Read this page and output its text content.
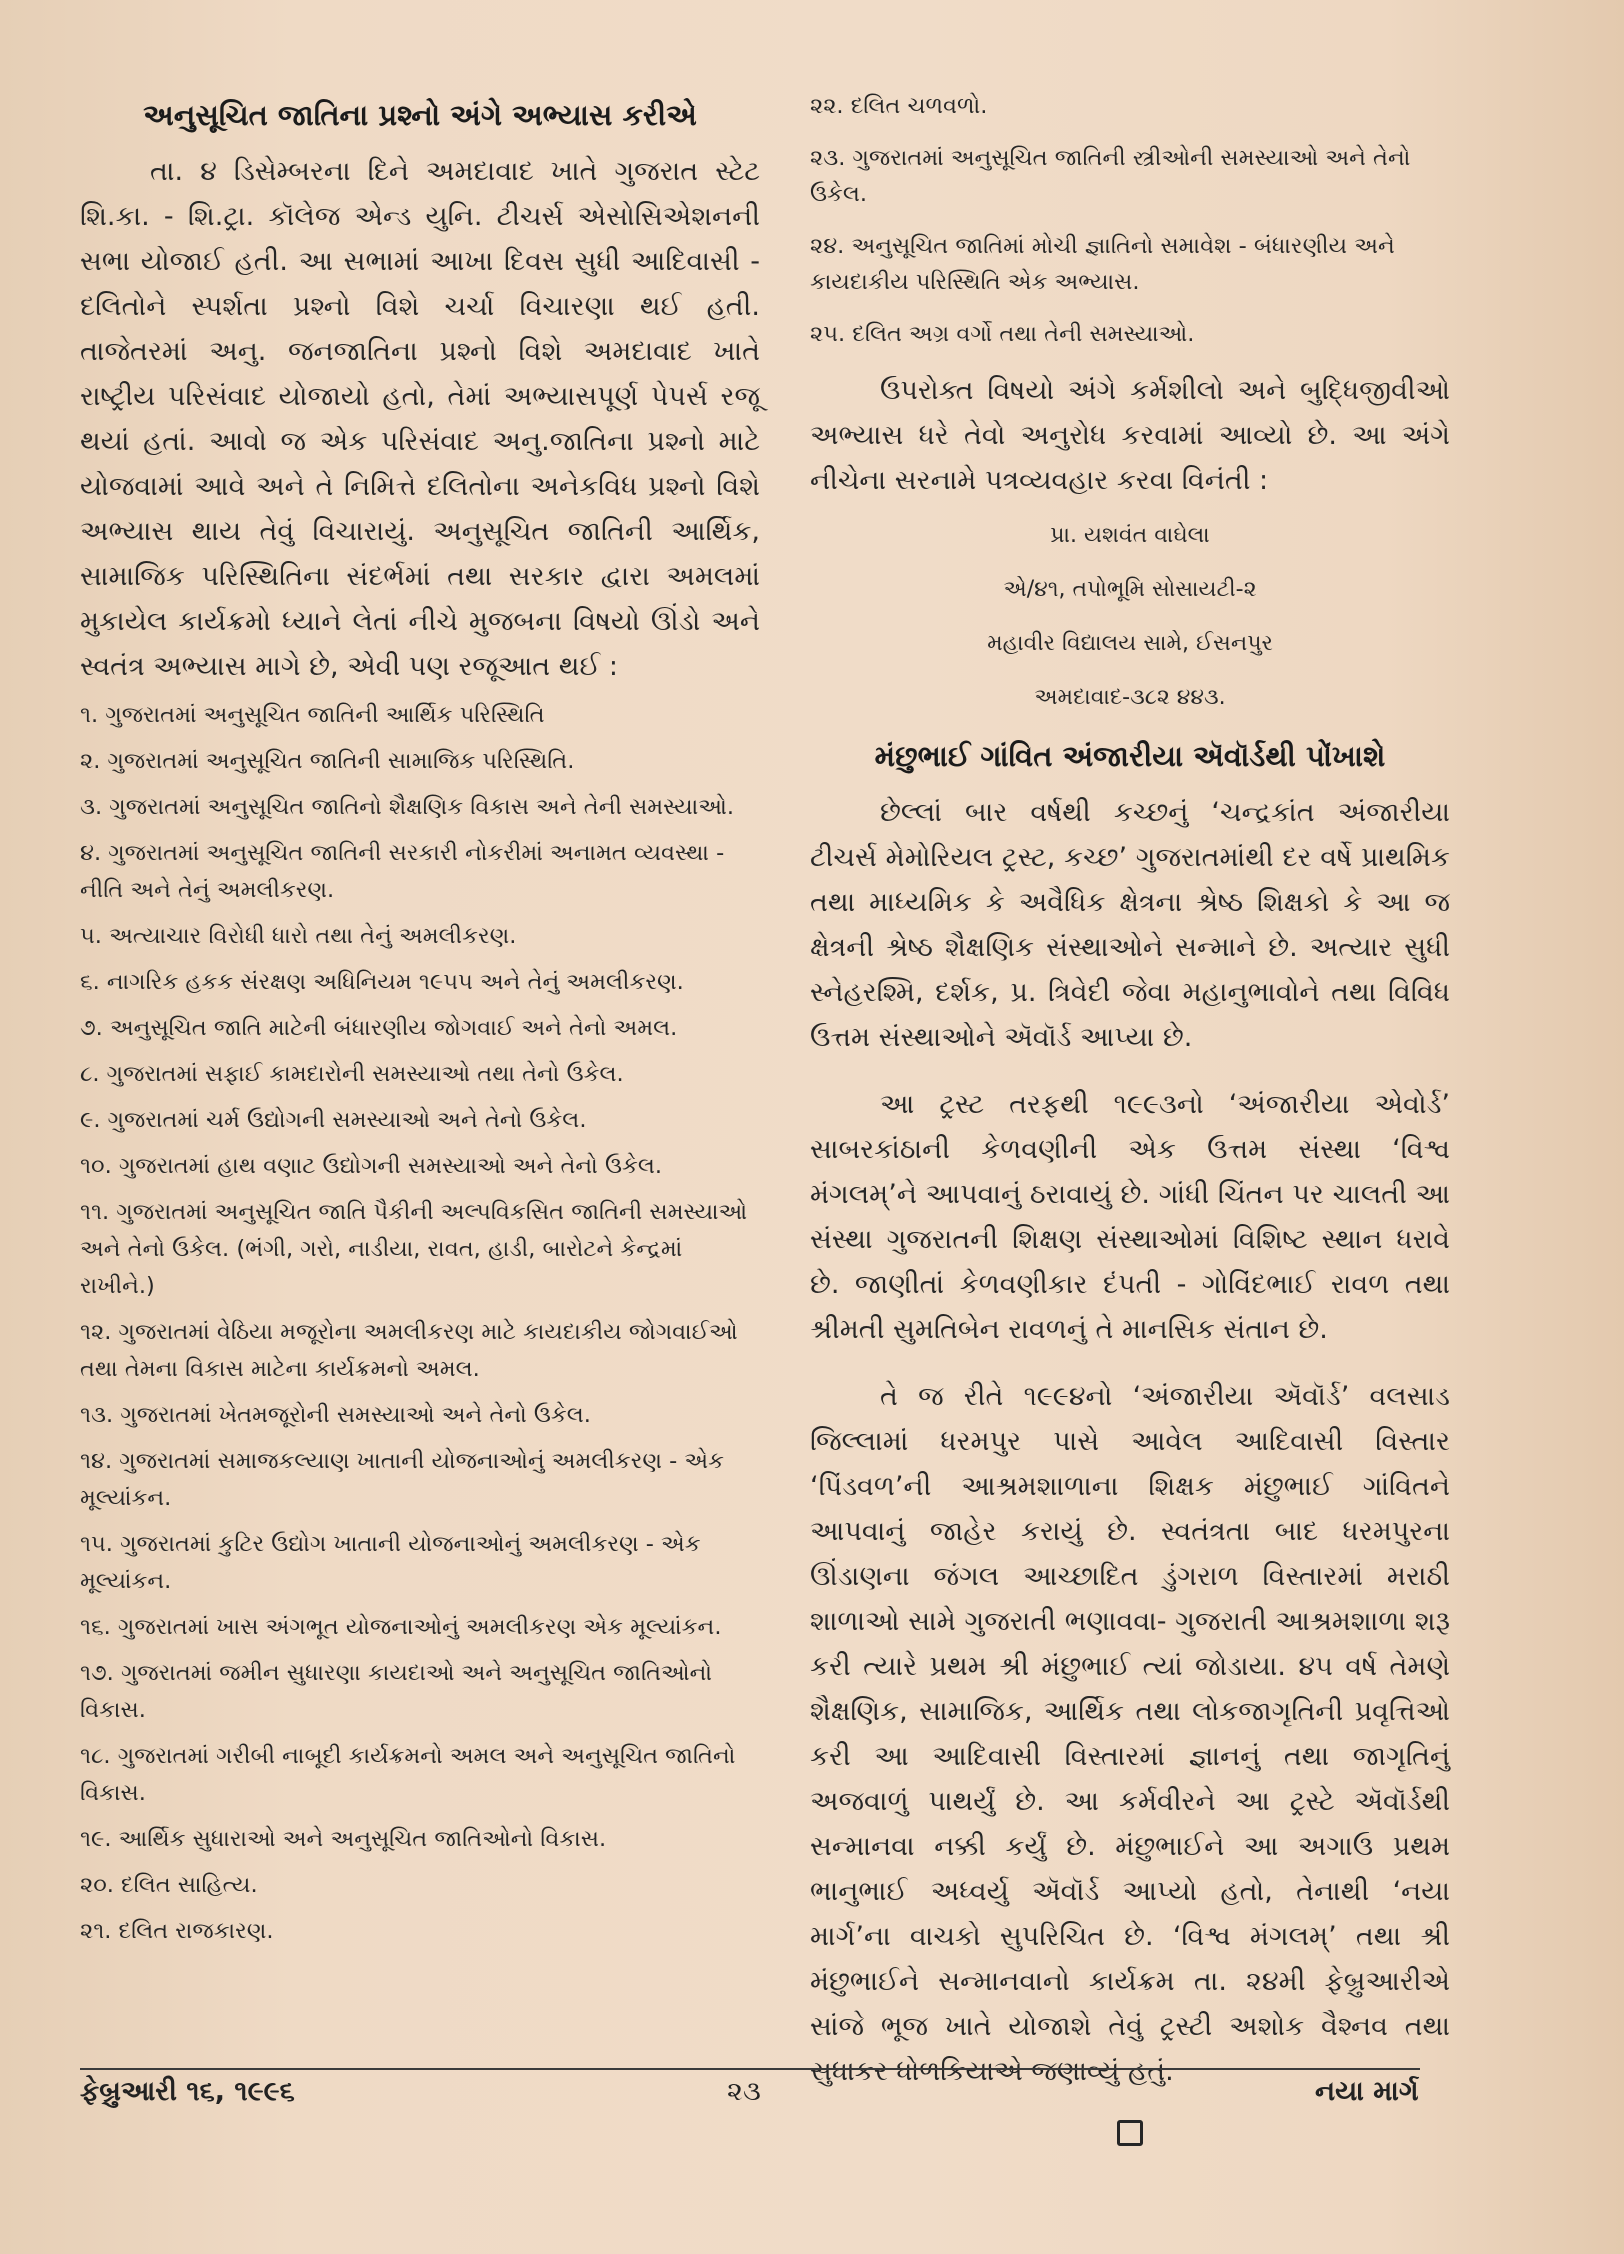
અનુસૂચિત જાતિના પ્રશ્નો અંગે અભ્યાસ કરીએ

તા. ૪ ડિસેમ્બરના દિને અમદાવાદ ખાતે ગુજરાત સ્ટેટ શિ.કા. - શિ.ટ્રા. કૉલેજ એન્ડ યુનિ. ટીચર્સ એસોસિએશનની સભા યોજાઈ હતી. આ સભામાં આખા દિવસ સુધી આદિવાસી - દલિતોને સ્પર્શતા પ્રશ્નો વિશે ચર્ચા વિચારણા થઈ હતી. તાજેતરમાં અનુ. જનજાતિના પ્રશ્નો વિશે અમદાવાદ ખાતે રાષ્ટ્રીય પરિસંવાદ યોજાયો હતો, તેમાં અભ્યાસપૂર્ણ પેપર્સ રજૂ થયાં હતાં. આવો જ એક પરિસંવાદ અનુ.જાતિના પ્રશ્નો માટે યોજવામાં આવે અને તે નિમિત્તે દલિતોના અનેકવિધ પ્રશ્નો વિશે અભ્યાસ થાય તેવું વિચારાયું. અનુસૂચિત જાતિની આર્થિક, સામાજિક પરિસ્થિતિના સંદર્ભમાં તથા સરકાર દ્વારા અમલમાં મુકાયેલ કાર્યક્રમો ધ્યાને લેતાં નીચે મુજબના વિષયો ઊંડો અને સ્વતંત્ર અભ્યાસ માગે છે, એવી પણ રજૂઆત થઈ :

૧. ગુજરાતમાં અનુસૂચિત જાતિની આર્થિક પરિસ્થિતિ
૨. ગુજરાતમાં અનુસૂચિત જાતિની સામાજિક પરિસ્થિતિ.
૩. ગુજરાતમાં અનુસૂચિત જાતિનો શૈક્ષણિક વિકાસ અને તેની સમસ્યાઓ.
૪. ગુજરાતમાં અનુસૂચિત જાતિની સરકારી નોકરીમાં અનામત વ્યવસ્થા - નીતિ અને તેનું અમલીકરણ.
૫. અત્યાચાર વિરોધી ધારો તથા તેનું અમલીકરણ.
૬. નાગરિક હકક સંરક્ષણ અધિનિયમ ૧૯૫૫ અને તેનું અમલીકરણ.
૭. અનુસૂચિત જાતિ માટેની બંધારણીય જોગવાઈ અને તેનો અમલ.
૮. ગુજરાતમાં સફાઈ કામદારોની સમસ્યાઓ તથા તેનો ઉકેલ.
૯. ગુજરાતમાં ચર્મ ઉદ્યોગની સમસ્યાઓ અને તેનો ઉકેલ.
૧૦. ગુજરાતમાં હાથ વણાટ ઉદ્યોગની સમસ્યાઓ અને તેનો ઉકેલ.
૧૧. ગુજરાતમાં અનુસૂચિત જાતિ પૈકીની અલ્પવિકસિત જાતિની સમસ્યાઓ અને તેનો ઉકેલ. (ભંગી, ગરો, નાડીયા, રાવત, હાડી, બારોટને કેન્દ્રમાં રાખીને.)
૧૨. ગુજરાતમાં વેઠિયા મજૂરોના અમલીકરણ માટે કાયદાકીય જોગવાઈઓ તથા તેમના વિકાસ માટેના કાર્યક્રમનો અમલ.
૧૩. ગુજરાતમાં ખેતમજૂરોની સમસ્યાઓ અને તેનો ઉકેલ.
૧૪. ગુજરાતમાં સમાજકલ્યાણ ખાતાની યોજનાઓનું અમલીકરણ - એક મૂલ્યાંકન.
૧૫. ગુજરાતમાં કુટિર ઉદ્યોગ ખાતાની યોજનાઓનું અમલીકરણ - એક મૂલ્યાંકન.
૧૬. ગુજરાતમાં ખાસ અંગભૂત યોજનાઓનું અમલીકરણ એક મૂલ્યાંકન.
૧૭. ગુજરાતમાં જમીન સુધારણા કાયદાઓ અને અનુસૂચિત જાતિઓનો વિકાસ.
૧૮. ગુજરાતમાં ગરીબી નાબૂદી કાર્યક્રમનો અમલ અને અનુસૂચિત જાતિનો વિકાસ.
૧૯. આર્થિક સુધારાઓ અને અનુસૂચિત જાતિઓનો વિકાસ.
૨૦. દલિત સાહિત્ય.
૨૧. દલિત રાજકારણ.
૨૨. દલિત ચળવળો.
૨૩. ગુજરાતમાં અનુસૂચિત જાતિની સ્ત્રીઓની સમસ્યાઓ અને તેનો ઉકેલ.
૨૪. અનુસૂચિત જાતિમાં મોચી જ્ઞાતિનો સમાવેશ - બંધારણીય અને કાયદાકીય પરિસ્થિતિ એક અભ્યાસ.
૨૫. દલિત અગ્ર વર્ગો તથા તેની સમસ્યાઓ.

ઉપરોક્ત વિષયો અંગે કર્મશીલો અને બુદ્ધિજીવીઓ અભ્યાસ ધરે તેવો અનુરોધ કરવામાં આવ્યો છે. આ અંગે નીચેના સરનામે પત્રવ્યવહાર કરવા વિનંતી :

પ્રા. યશવંત વાઘેલા
એ/૪૧, તપોભૂમિ સોસાયટી-૨
મહાવીર વિદ્યાલય સામે, ઈસનપુર
અમદાવાદ-૩૮૨ ૪૪૩.
મંછુભાઈ ગાંવિત અંજારીયા ઍવૉર્ડથી પોંખાશે

છેલ્લાં બાર વર્ષથી કચ્છનું ‘ચન્દ્રકાંત અંજારીયા ટીચર્સ મેમોરિયલ ટ્રસ્ટ, કચ્છ’ ગુજરાતમાંથી દર વર્ષે પ્રાથમિક તથા માધ્યમિક કે અવૈધિક ક્ષેત્રના શ્રેષ્ઠ શિક્ષકો કે આ જ ક્ષેત્રની શ્રેષ્ઠ શૈક્ષણિક સંસ્થાઓને સન્માને છે. અત્યાર સુધી સ્નેહરશ્મિ, દર્શક, પ્ર. ત્રિવેદી જેવા મહાનુભાવોને તથા વિવિધ ઉત્તમ સંસ્થાઓને ઍવૉર્ડ આપ્યા છે.

આ ટ્રસ્ટ તરફથી ૧૯૯૩નો ‘અંજારીયા એવોર્ડ’ સાબરકાંઠાની કેળવણીની એક ઉત્તમ સંસ્થા ‘વિશ્વ મંગલમ્’ને આપવાનું ઠરાવાયું છે. ગાંધી ચિંતન પર ચાલતી આ સંસ્થા ગુજરાતની શિક્ષણ સંસ્થાઓમાં વિશિષ્ટ સ્થાન ધરાવે છે. જાણીતાં કેળવણીકાર દંપતી - ગોવિંદભાઈ રાવળ તથા શ્રીમતી સુમતિબેન રાવળનું તે માનસિક સંતાન છે.

તે જ રીતે ૧૯૯૪નો ‘અંજારીયા ઍવૉર્ડ’ વલસાડ જિલ્લામાં ધરમપુર પાસે આવેલ આદિવાસી વિસ્તાર ‘પિંડવળ’ની આશ્રમશાળાના શિક્ષક મંછુભાઈ ગાંવિતને આપવાનું જાહેર કરાયું છે. સ્વતંત્રતા બાદ ધરમપુરના ઊંડાણના જંગલ આચ્છાદિત ડુંગરાળ વિસ્તારમાં મરાઠી શાળાઓ સામે ગુજરાતી ભણાવવા- ગુજરાતી આશ્રમશાળા શરૂ કરી ત્યારે પ્રથમ શ્રી મંછુભાઈ ત્યાં જોડાયા. ૪૫ વર્ષ તેમણે શૈક્ષણિક, સામાજિક, આર્થિક તથા લોકજાગૃતિની પ્રવૃત્તિઓ કરી આ આદિવાસી વિસ્તારમાં જ્ઞાનનું તથા જાગૃતિનું અજવાળું પાથર્યું છે. આ કર્મવીરને આ ટ્રસ્ટે ઍવૉર્ડથી સન્માનવા નક્કી કર્યું છે. મંછુભાઈને આ અગાઉ પ્રથમ ભાનુભાઈ અધ્વર્યુ ઍવૉર્ડ આપ્યો હતો, તેનાથી ‘નયા માર્ગ’ના વાચકો સુપરિચિત છે. ‘વિશ્વ મંગલમ્’ તથા શ્રી મંછુભાઈને સન્માનવાનો કાર્યક્રમ તા. ૨૪મી ફેબ્રુઆરીએ સાંજે ભૂજ ખાતે યોજાશે તેવું ટ્રસ્ટી અશોક વૈશ્નવ તથા સુધાકર ધોળકિયાએ જણાવ્યું હતું.

ફેબ્રુઆરી ૧૬, ૧૯૯૬	૨૩	નયા માર્ગ
